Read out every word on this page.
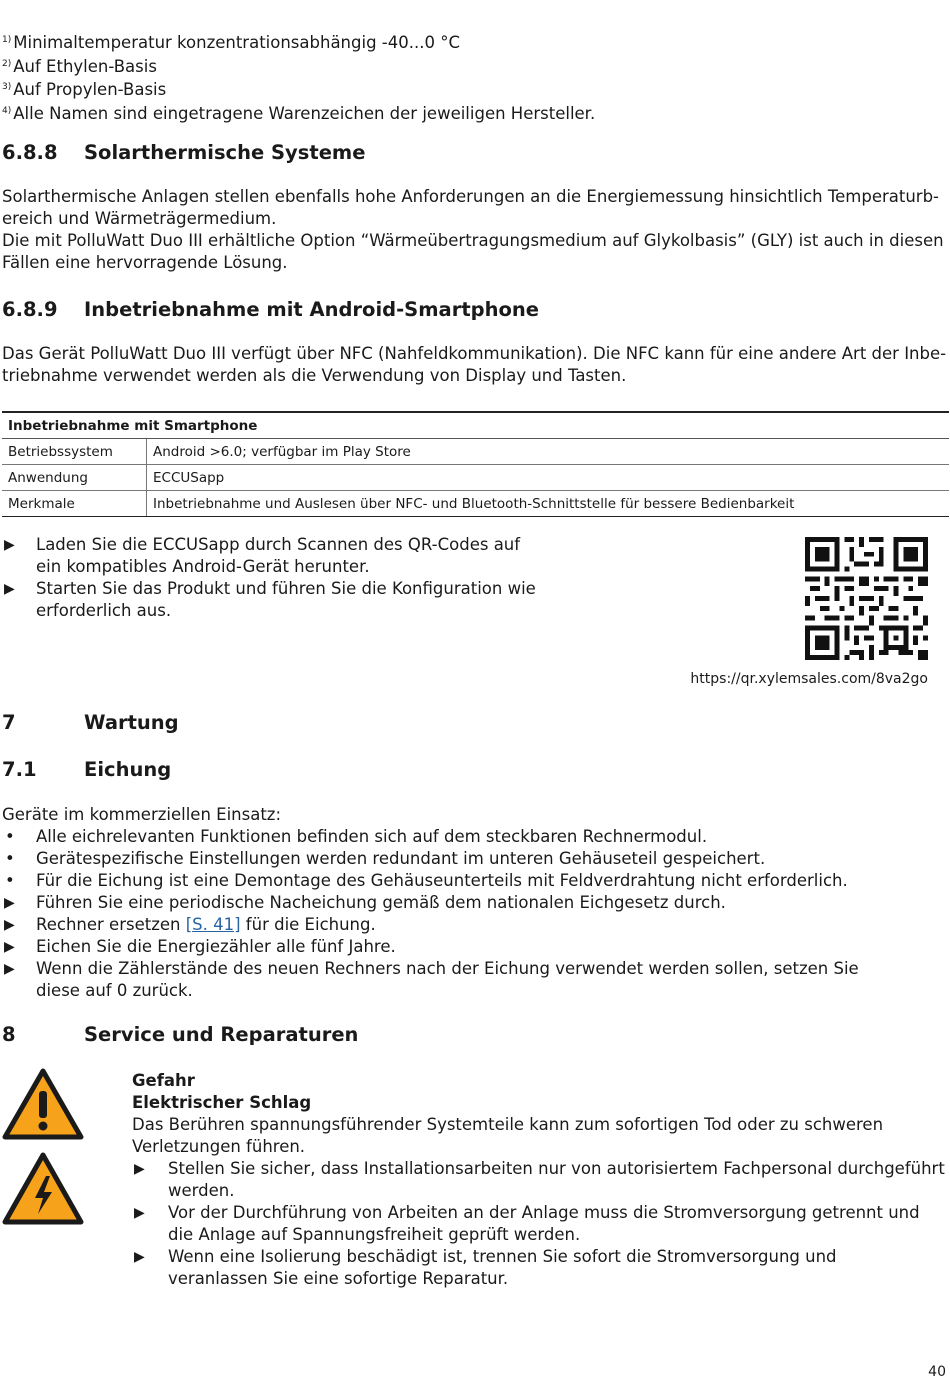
$^{1)}$ Minimaltemperatur konzentrationsabhängig -40...0 °C
$^{2)}$ Auf Ethylen-Basis
$^{3)}$ Auf Propylen-Basis
$^{4)}$ Alle Namen sind eingetragene Warenzeichen der jeweiligen Hersteller.
6.8.8 Solarthermische Systeme

Solarthermische Anlagen stellen ebenfalls hohe Anforderungen an die Energiemessung hinsichtlich Temperaturb-

ereich und Wärmeträgermedium.

Die mit PolluWatt Duo III erhältliche Option “Wärmeübertragungsmedium auf Glykolbasis” (GLY) ist auch in diesen

Fällen eine hervorragende Lösung.

6.8.9 Inbetriebnahme mit Android-Smartphone

Das Gerät PolluWatt Duo III verfügt über NFC (Nahfeldkommunikation). Die NFC kann für eine andere Art der Inbe-

triebnahme verwendet werden als die Verwendung von Display und Tasten.

Inbetriebnahme mit Smartphone	
Betriebssystem	Android >6.0; verfügbar im Play Store
Anwendung	ECCUSapp
Merkmale	Inbetriebnahme und Auslesen über NFC- und Bluetooth-Schnittstelle für bessere Bedienbarkeit
▶ Laden Sie die ECCUSapp durch Scannen des QR-Codes auf

ein kompatibles Android-Gerät herunter.

▶ Starten Sie das Produkt und führen Sie die Konfiguration wie

erforderlich aus.

https://qr.xylemsales.com/8va2go
7	Wartung
7.1 Eichung

Geräte im kommerziellen Einsatz:

• Alle eichrelevanten Funktionen befinden sich auf dem steckbaren Rechnermodul.
• Gerätespezifische Einstellungen werden redundant im unteren Gehäuseteil gespeichert.
• Für die Eichung ist eine Demontage des Gehäuseunterteils mit Feldverdrahtung nicht erforderlich.
▶ Führen Sie eine periodische Nacheichung gemäß dem nationalen Eichgesetz durch.
▶ Rechner ersetzen [S. 41] für die Eichung.
▶ Eichen Sie die Energiezähler alle fünf Jahre.
▶ Wenn die Zählerstände des neuen Rechners nach der Eichung verwendet werden sollen, setzen Sie

diese auf 0 zurück.

8	Service und Reparaturen

Gefahr

Elektrischer Schlag

Das Berühren spannungsführender Systemteile kann zum sofortigen Tod oder zu schweren

Verletzungen führen.

▶ Stellen Sie sicher, dass Installationsarbeiten nur von autorisiertem Fachpersonal durchgeführt

werden.

▶ Vor der Durchführung von Arbeiten an der Anlage muss die Stromversorgung getrennt und

die Anlage auf Spannungsfreiheit geprüft werden.

▶ Wenn eine Isolierung beschädigt ist, trennen Sie sofort die Stromversorgung und

veranlassen Sie eine sofortige Reparatur.

40
